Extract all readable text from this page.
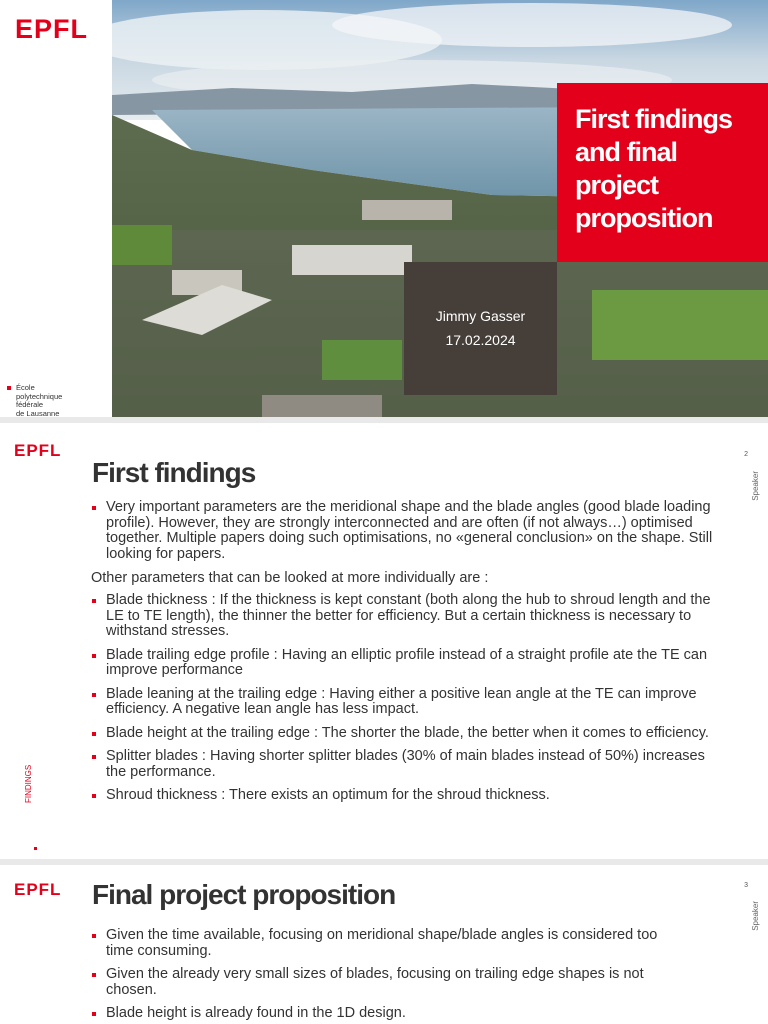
EPFL
First findings and final project proposition
Jimmy Gasser
17.02.2024
École
polytechnique
fédérale
de Lausanne
EPFL
First findings
2
Speaker
Very important parameters are the meridional shape and the blade angles (good blade loading profile). However, they are strongly interconnected and are often (if not always…) optimised together. Multiple papers doing such optimisations, no «general conclusion» on the shape. Still looking for papers.
Other parameters that can be looked at more individually are :
Blade thickness : If the thickness is kept constant (both along the hub to shroud length and the LE to TE length), the thinner the better for efficiency. But a certain thickness is necessary to withstand stresses.
Blade trailing edge profile : Having an elliptic profile instead of a straight profile ate the TE can improve performance
Blade leaning at the trailing edge : Having either a positive lean angle at the TE can improve efficiency. A negative lean angle has less impact.
Blade height at the trailing edge : The shorter the blade, the better when it comes to efficiency.
Splitter blades : Having shorter splitter blades (30% of main blades instead of 50%) increases the performance.
Shroud thickness : There exists an optimum for the shroud thickness.
FINDINGS
EPFL Final project proposition	3
Speaker
Given the time available, focusing on meridional shape/blade angles is considered too time consuming.
Given the already very small sizes of blades, focusing on trailing edge shapes is not chosen.
Blade height is already found in the 1D design.
